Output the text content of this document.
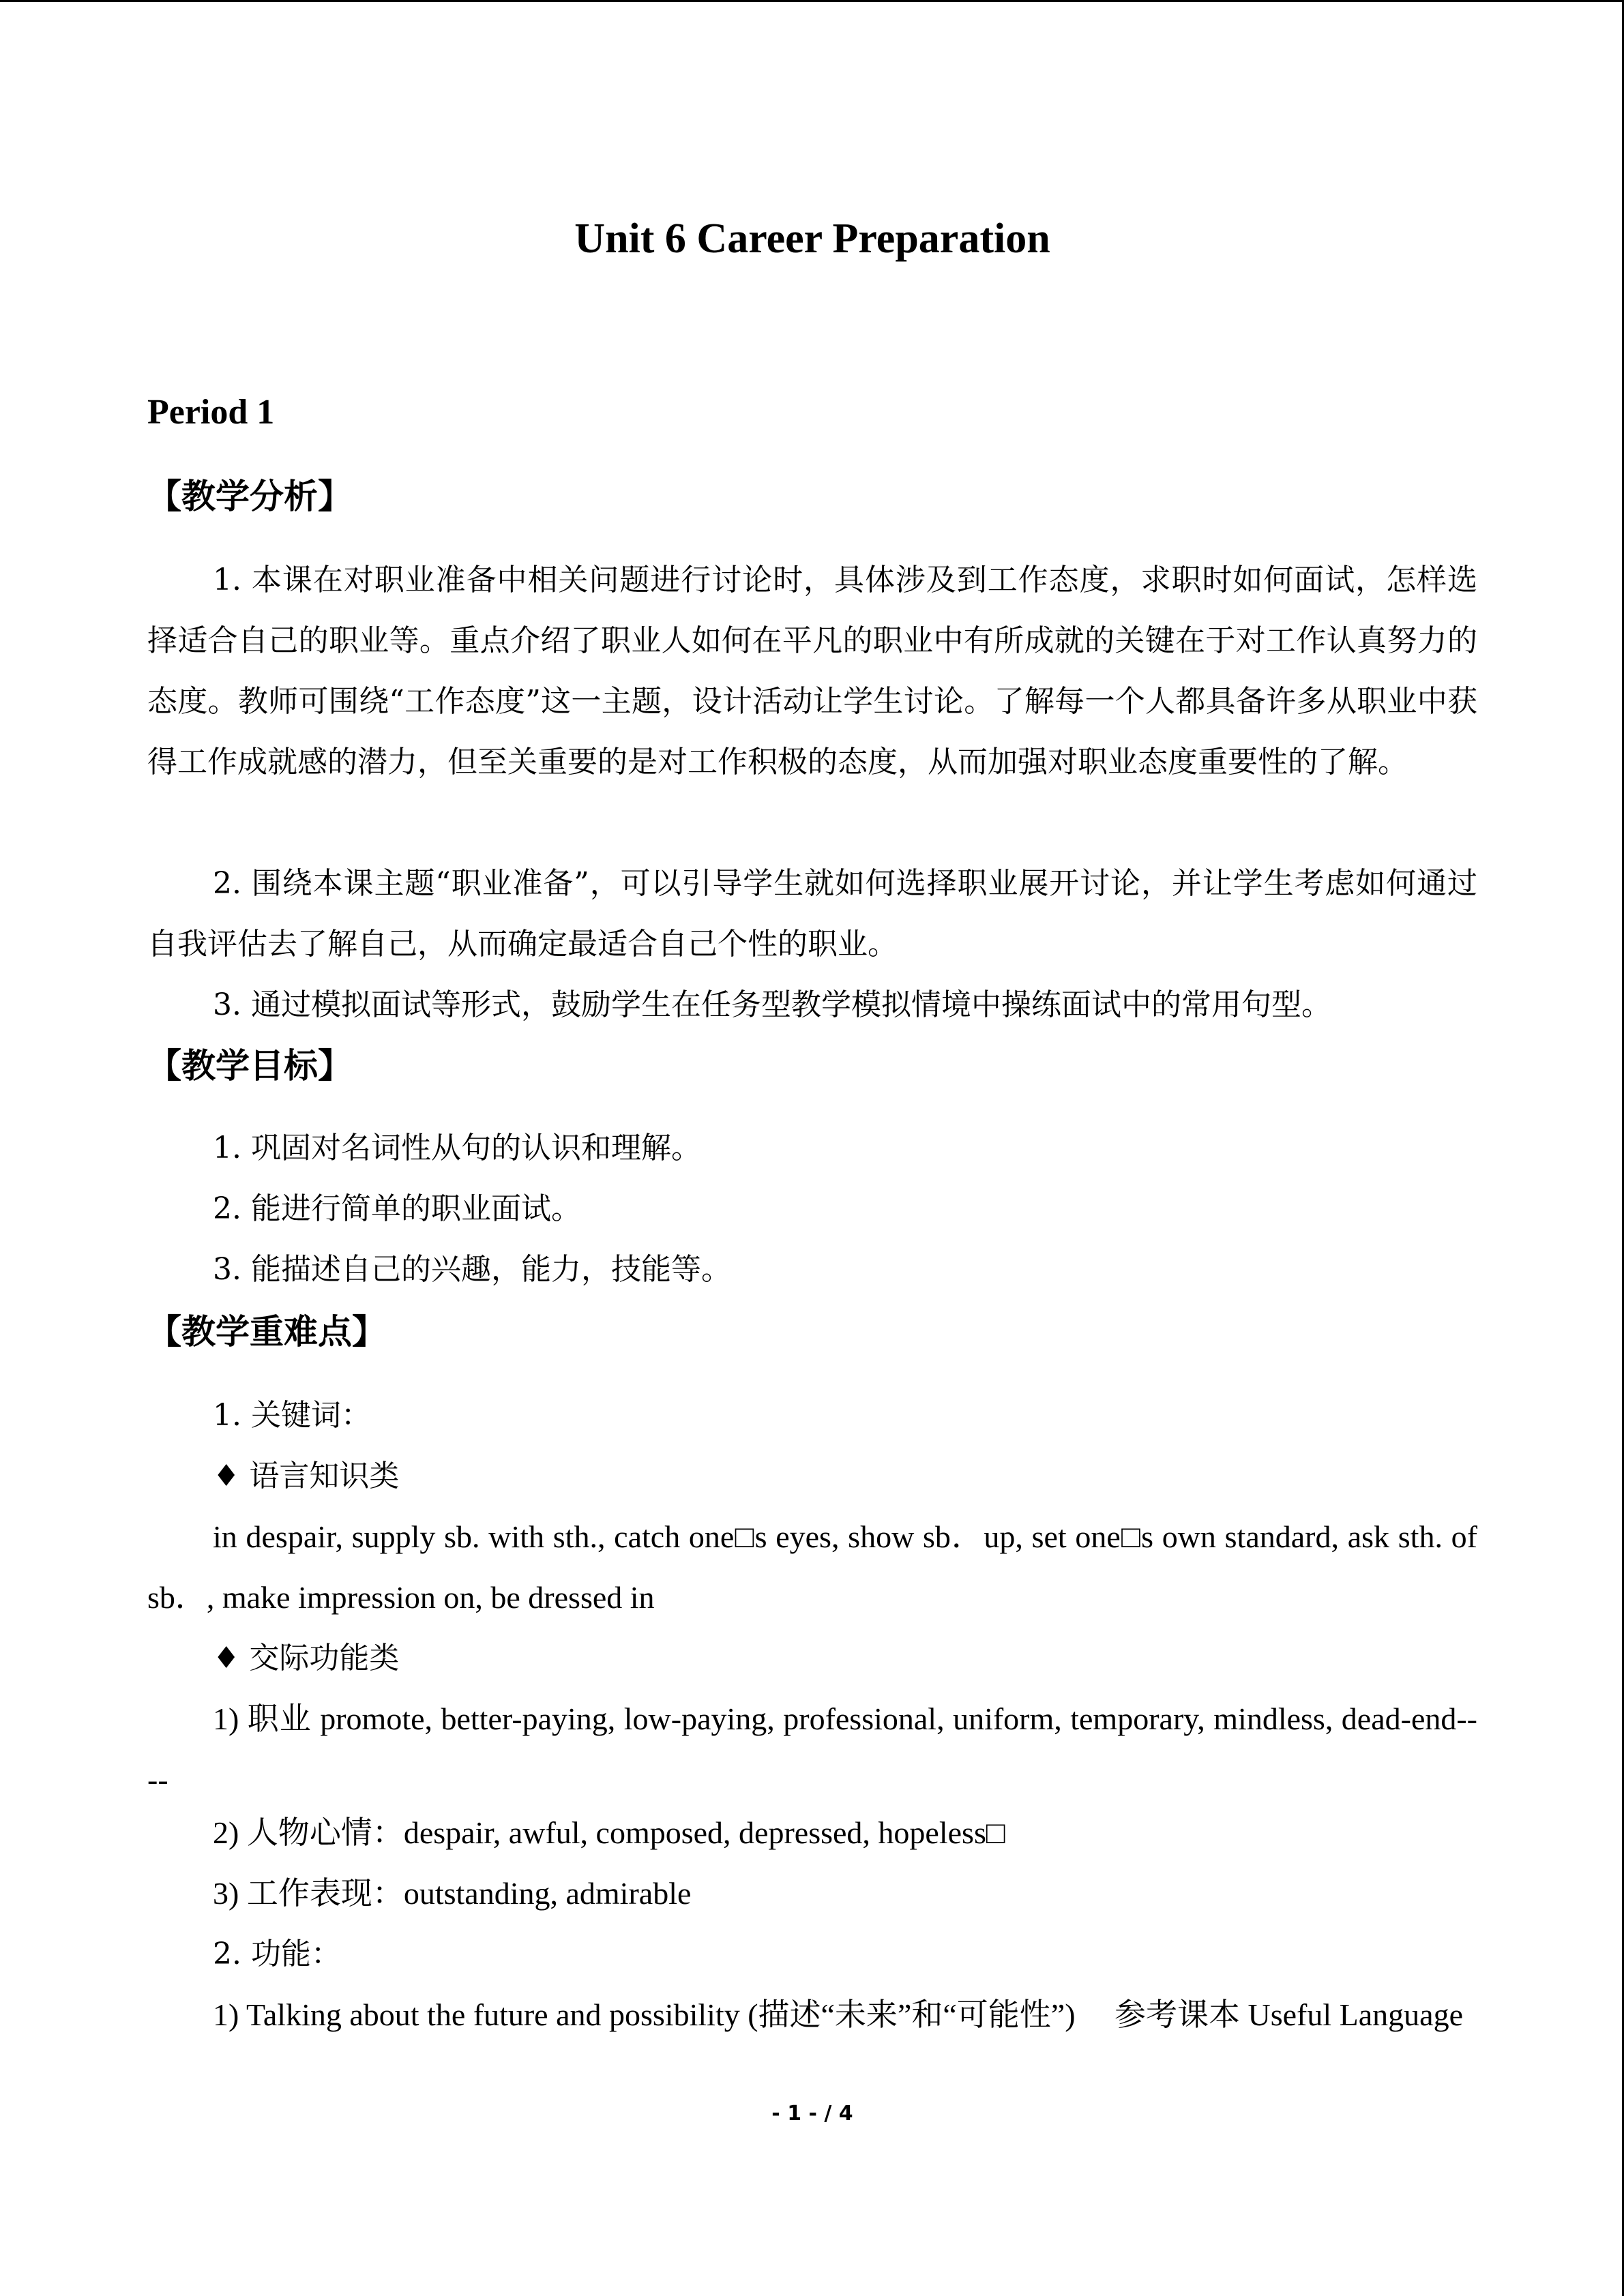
Unit 6 Career Preparation
Period 1
【教学分析】
1. 本课在对职业准备中相关问题进行讨论时，具体涉及到工作态度，求职时如何面试，怎样选择适合自己的职业等。重点介绍了职业人如何在平凡的职业中有所成就的关键在于对工作认真努力的态度。教师可围绕“工作态度”这一主题，设计活动让学生讨论。了解每一个人都具备许多从职业中获得工作成就感的潜力，但至关重要的是对工作积极的态度，从而加强对职业态度重要性的了解。
2. 围绕本课主题“职业准备”，可以引导学生就如何选择职业展开讨论，并让学生考虑如何通过自我评估去了解自己，从而确定最适合自己个性的职业。
3. 通过模拟面试等形式，鼓励学生在任务型教学模拟情境中操练面试中的常用句型。
【教学目标】
1. 巩固对名词性从句的认识和理解。
2. 能进行简单的职业面试。
3. 能描述自己的兴趣，能力，技能等。
【教学重难点】
1. 关键词：
♦ 语言知识类
in despair, supply sb. with sth., catch one□s eyes, show sb．up, set one□s own standard, ask sth. of sb．, make impression on, be dressed in
♦ 交际功能类
1) 职业 promote, better-paying, low-paying, professional, uniform, temporary, mindless, dead-end----
2) 人物心情：despair, awful, composed, depressed, hopeless□
3) 工作表现：outstanding, admirable
2. 功能：
1) Talking about the future and possibility (描述“未来”和“可能性”)　 参考课本 Useful Language
- 1 - / 4
